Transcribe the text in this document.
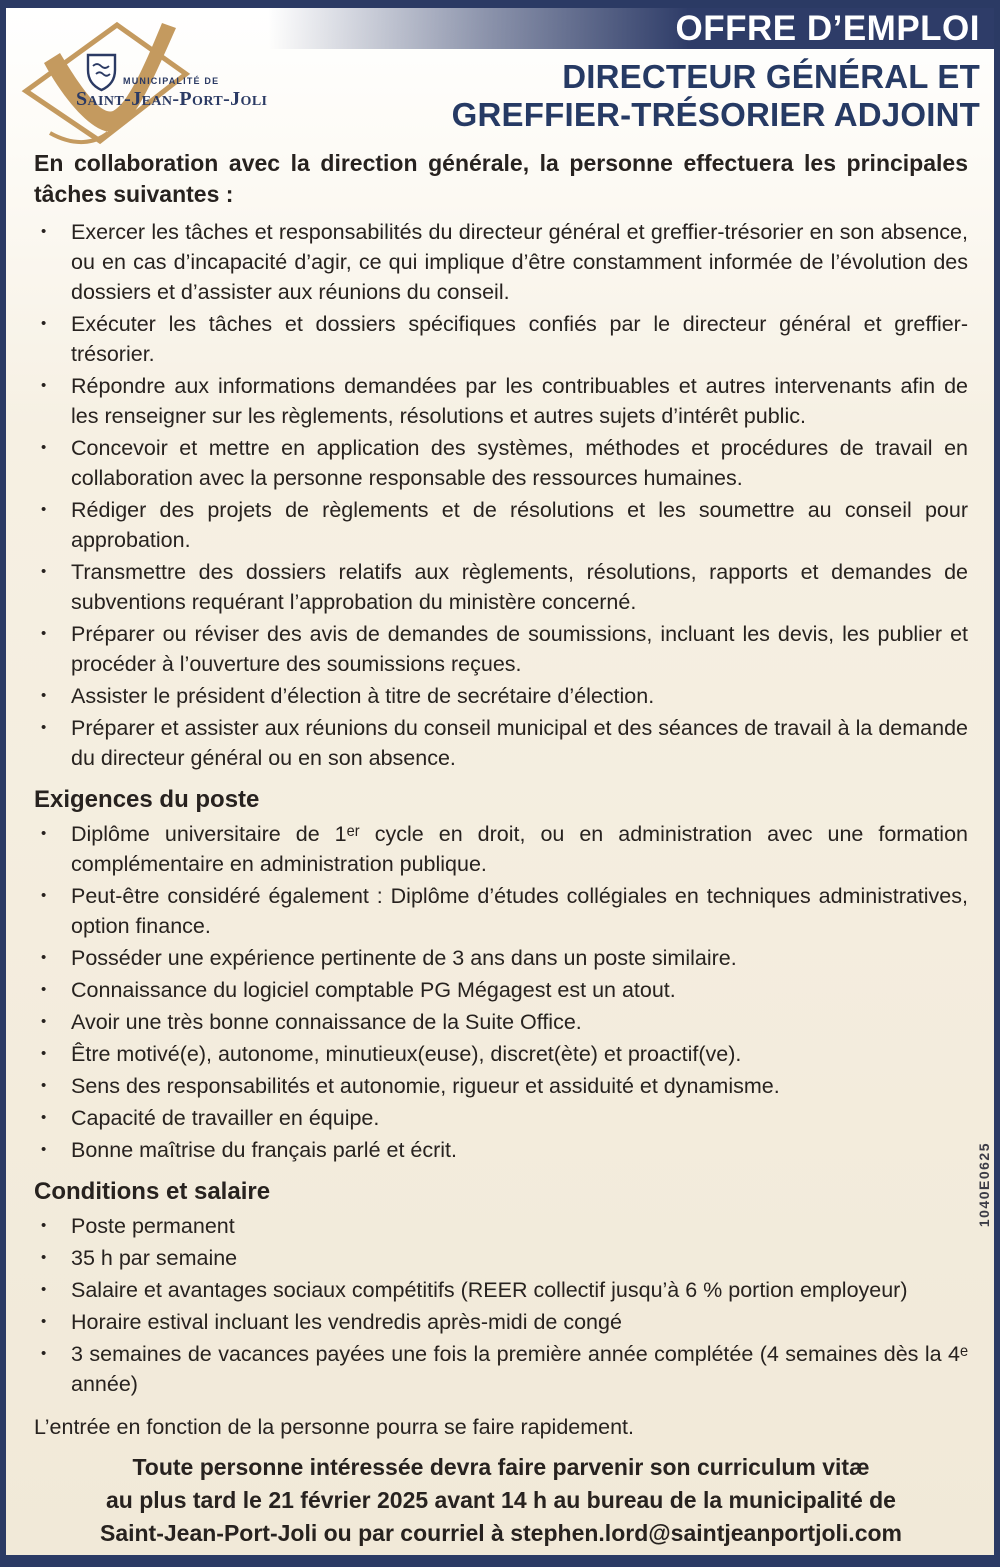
OFFRE D’EMPLOI
MUNICIPALITÉ DE
Saint-Jean-Port-Joli
DIRECTEUR GÉNÉRAL ET
GREFFIER-TRÉSORIER ADJOINT

En collaboration avec la direction générale, la personne effectuera les principales tâches suivantes :

•	Exercer les tâches et responsabilités du directeur général et greffier-trésorier en son absence, ou en cas d’incapacité d’agir, ce qui implique d’être constamment informée de l’évolution des dossiers et d’assister aux réunions du conseil.
•	Exécuter les tâches et dossiers spécifiques confiés par le directeur général et greffier-trésorier.
•	Répondre aux informations demandées par les contribuables et autres intervenants afin de les renseigner sur les règlements, résolutions et autres sujets d’intérêt public.
•	Concevoir et mettre en application des systèmes, méthodes et procédures de travail en collaboration avec la personne responsable des ressources humaines.
•	Rédiger des projets de règlements et de résolutions et les soumettre au conseil pour approbation.
•	Transmettre des dossiers relatifs aux règlements, résolutions, rapports et demandes de subventions requérant l’approbation du ministère concerné.
•	Préparer ou réviser des avis de demandes de soumissions, incluant les devis, les publier et procéder à l’ouverture des soumissions reçues.
•	Assister le président d’élection à titre de secrétaire d’élection.
•	Préparer et assister aux réunions du conseil municipal et des séances de travail à la demande du directeur général ou en son absence.
Exigences du poste
•	Diplôme universitaire de 1ᵉʳ cycle en droit, ou en administration avec une formation complémentaire en administration publique.
•	Peut-être considéré également : Diplôme d’études collégiales en techniques administratives, option finance.
•	Posséder une expérience pertinente de 3 ans dans un poste similaire.
•	Connaissance du logiciel comptable PG Mégagest est un atout.
•	Avoir une très bonne connaissance de la Suite Office.
•	Être motivé(e), autonome, minutieux(euse), discret(ète) et proactif(ve).
•	Sens des responsabilités et autonomie, rigueur et assiduité et dynamisme.
•	Capacité de travailler en équipe.
•	Bonne maîtrise du français parlé et écrit.
Conditions et salaire
•	Poste permanent
•	35 h par semaine
•	Salaire et avantages sociaux compétitifs (REER collectif jusqu’à 6 % portion employeur)
•	Horaire estival incluant les vendredis après-midi de congé
•	3 semaines de vacances payées une fois la première année complétée (4 semaines dès la 4ᵉ année)
L’entrée en fonction de la personne pourra se faire rapidement.
Toute personne intéressée devra faire parvenir son curriculum vitæ
au plus tard le 21 février 2025 avant 14 h au bureau de la municipalité de
Saint-Jean-Port-Joli ou par courriel à stephen.lord@saintjeanportjoli.com
1040E0625
